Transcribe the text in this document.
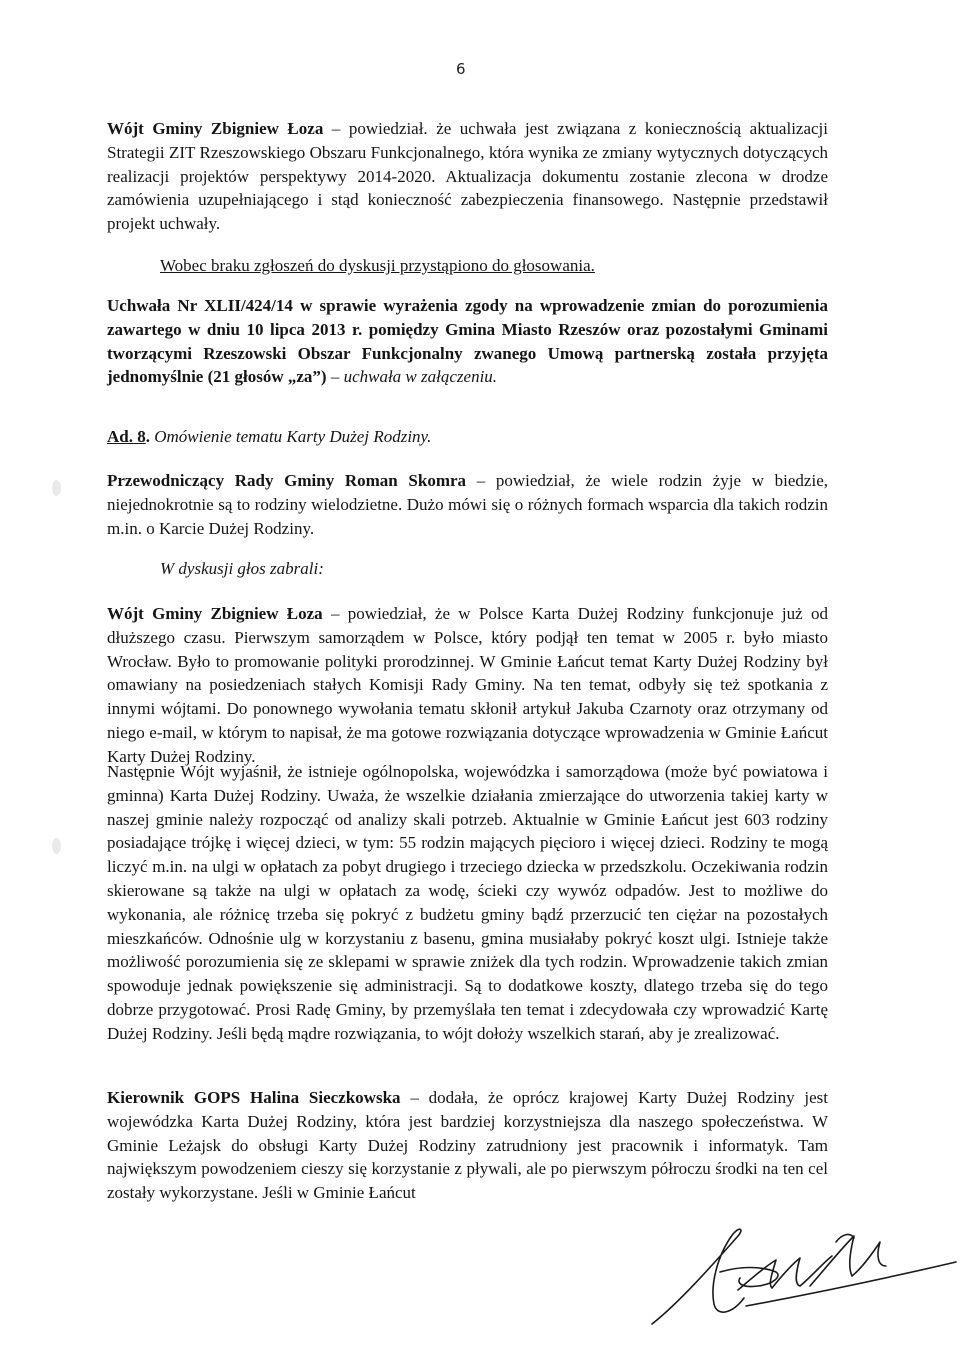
6

Wójt Gminy Zbigniew Łoza – powiedział. że uchwała jest związana z koniecznością aktualizacji Strategii ZIT Rzeszowskiego Obszaru Funkcjonalnego, która wynika ze zmiany wytycznych dotyczących realizacji projektów perspektywy 2014-2020. Aktualizacja dokumentu zostanie zlecona w drodze zamówienia uzupełniającego i stąd konieczność zabezpieczenia finansowego. Następnie przedstawił projekt uchwały.

Wobec braku zgłoszeń do dyskusji przystąpiono do głosowania.

Uchwała Nr XLII/424/14 w sprawie wyrażenia zgody na wprowadzenie zmian do porozumienia zawartego w dniu 10 lipca 2013 r. pomiędzy Gmina Miasto Rzeszów oraz pozostałymi Gminami tworzącymi Rzeszowski Obszar Funkcjonalny zwanego Umową partnerską została przyjęta jednomyślnie (21 głosów „za”) – uchwała w załączeniu.

Ad. 8. Omówienie tematu Karty Dużej Rodziny.

Przewodniczący Rady Gminy Roman Skomra – powiedział, że wiele rodzin żyje w biedzie, niejednokrotnie są to rodziny wielodzietne. Dużo mówi się o różnych formach wsparcia dla takich rodzin m.in. o Karcie Dużej Rodziny.

W dyskusji głos zabrali:

Wójt Gminy Zbigniew Łoza – powiedział, że w Polsce Karta Dużej Rodziny funkcjonuje już od dłuższego czasu. Pierwszym samorządem w Polsce, który podjął ten temat w 2005 r. było miasto Wrocław. Było to promowanie polityki prorodzinnej. W Gminie Łańcut temat Karty Dużej Rodziny był omawiany na posiedzeniach stałych Komisji Rady Gminy. Na ten temat, odbyły się też spotkania z innymi wójtami. Do ponownego wywołania tematu skłonił artykuł Jakuba Czarnoty oraz otrzymany od niego e-mail, w którym to napisał, że ma gotowe rozwiązania dotyczące wprowadzenia w Gminie Łańcut Karty Dużej Rodziny.

Następnie Wójt wyjaśnił, że istnieje ogólnopolska, wojewódzka i samorządowa (może być powiatowa i gminna) Karta Dużej Rodziny. Uważa, że wszelkie działania zmierzające do utworzenia takiej karty w naszej gminie należy rozpocząć od analizy skali potrzeb. Aktualnie w Gminie Łańcut jest 603 rodziny posiadające trójkę i więcej dzieci, w tym: 55 rodzin mających pięcioro i więcej dzieci. Rodziny te mogą liczyć m.in. na ulgi w opłatach za pobyt drugiego i trzeciego dziecka w przedszkolu. Oczekiwania rodzin skierowane są także na ulgi w opłatach za wodę, ścieki czy wywóz odpadów. Jest to możliwe do wykonania, ale różnicę trzeba się pokryć z budżetu gminy bądź przerzucić ten ciężar na pozostałych mieszkańców. Odnośnie ulg w korzystaniu z basenu, gmina musiałaby pokryć koszt ulgi. Istnieje także możliwość porozumienia się ze sklepami w sprawie zniżek dla tych rodzin. Wprowadzenie takich zmian spowoduje jednak powiększenie się administracji. Są to dodatkowe koszty, dlatego trzeba się do tego dobrze przygotować. Prosi Radę Gminy, by przemyślała ten temat i zdecydowała czy wprowadzić Kartę Dużej Rodziny. Jeśli będą mądre rozwiązania, to wójt dołoży wszelkich starań, aby je zrealizować.

Kierownik GOPS Halina Sieczkowska – dodała, że oprócz krajowej Karty Dużej Rodziny jest wojewódzka Karta Dużej Rodziny, która jest bardziej korzystniejsza dla naszego społeczeństwa. W Gminie Leżajsk do obsługi Karty Dużej Rodziny zatrudniony jest pracownik i informatyk. Tam największym powodzeniem cieszy się korzystanie z pływali, ale po pierwszym półroczu środki na ten cel zostały wykorzystane. Jeśli w Gminie Łańcut
